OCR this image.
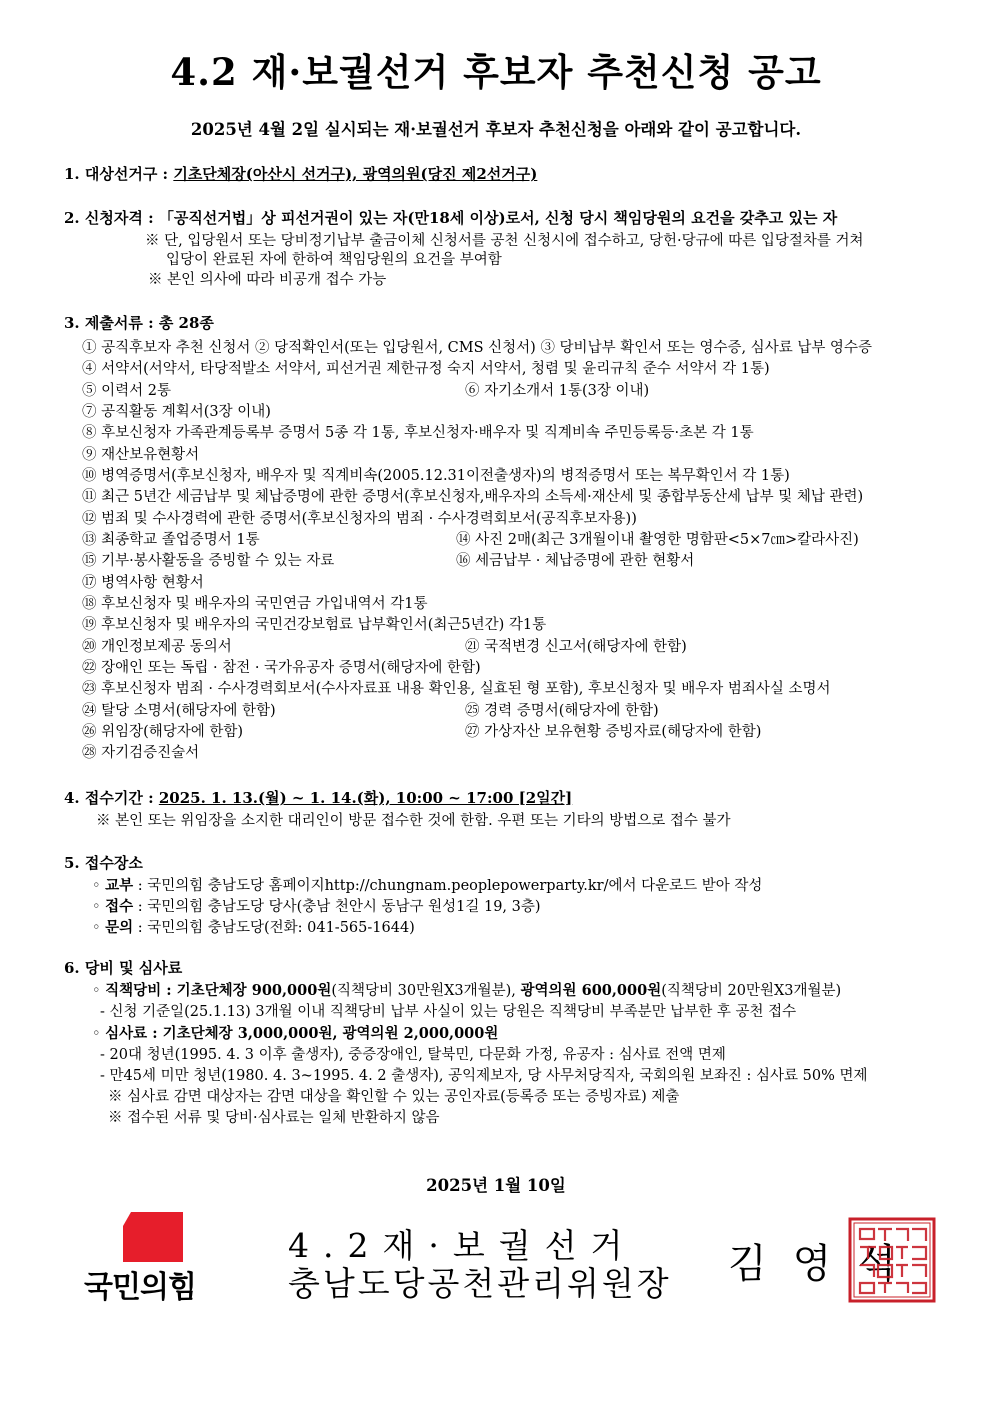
4.2 재·보궐선거 후보자 추천신청 공고
2025년 4월 2일 실시되는 재·보궐선거 후보자 추천신청을 아래와 같이 공고합니다.
1. 대상선거구 : 기초단체장(아산시 선거구), 광역의원(당진 제2선거구)
2. 신청자격 : 「공직선거법」상 피선거권이 있는 자(만18세 이상)로서, 신청 당시 책임당원의 요건을 갖추고 있는 자
※ 단, 입당원서 또는 당비정기납부 출금이체 신청서를 공천 신청시에 접수하고, 당헌·당규에 따른 입당절차를 거쳐
입당이 완료된 자에 한하여 책임당원의 요건을 부여함
※ 본인 의사에 따라 비공개 접수 가능
3. 제출서류 : 총 28종
① 공직후보자 추천 신청서 ② 당적확인서(또는 입당원서, CMS 신청서) ③ 당비납부 확인서 또는 영수증, 심사료 납부 영수증
④ 서약서(서약서, 타당적발소 서약서, 피선거권 제한규정 숙지 서약서, 청렴 및 윤리규칙 준수 서약서 각 1통)
⑤ 이력서 2통	⑥ 자기소개서 1통(3장 이내)
⑦ 공직활동 계획서(3장 이내)
⑧ 후보신청자 가족관계등록부 증명서 5종 각 1통, 후보신청자·배우자 및 직계비속 주민등록등·초본 각 1통
⑨ 재산보유현황서
⑩ 병역증명서(후보신청자, 배우자 및 직계비속(2005.12.31이전출생자)의 병적증명서 또는 복무확인서 각 1통)
⑪ 최근 5년간 세금납부 및 체납증명에 관한 증명서(후보신청자,배우자의 소득세·재산세 및 종합부동산세 납부 및 체납 관련)
⑫ 범죄 및 수사경력에 관한 증명서(후보신청자의 범죄 · 수사경력회보서(공직후보자용))
⑬ 최종학교 졸업증명서 1통	⑭ 사진 2매(최근 3개월이내 촬영한 명함판<5×7㎝>칼라사진)
⑮ 기부·봉사활동을 증빙할 수 있는 자료	⑯ 세금납부 · 체납증명에 관한 현황서
⑰ 병역사항 현황서
⑱ 후보신청자 및 배우자의 국민연금 가입내역서 각1통
⑲ 후보신청자 및 배우자의 국민건강보험료 납부확인서(최근5년간) 각1통
⑳ 개인정보제공 동의서	㉑ 국적변경 신고서(해당자에 한함)
㉒ 장애인 또는 독립 · 참전 · 국가유공자 증명서(해당자에 한함)
㉓ 후보신청자 범죄 · 수사경력회보서(수사자료표 내용 확인용, 실효된 형 포함), 후보신청자 및 배우자 범죄사실 소명서
㉔ 탈당 소명서(해당자에 한함)	㉕ 경력 증명서(해당자에 한함)
㉖ 위임장(해당자에 한함)	㉗ 가상자산 보유현황 증빙자료(해당자에 한함)
㉘ 자기검증진술서
4. 접수기간 : 2025. 1. 13.(월) ~ 1. 14.(화), 10:00 ~ 17:00 [2일간]
※ 본인 또는 위임장을 소지한 대리인이 방문 접수한 것에 한함. 우편 또는 기타의 방법으로 접수 불가
5. 접수장소
◦ 교부 : 국민의힘 충남도당 홈페이지http://chungnam.peoplepowerparty.kr/에서 다운로드 받아 작성
◦ 접수 : 국민의힘 충남도당 당사(충남 천안시 동남구 원성1길 19, 3층)
◦ 문의 : 국민의힘 충남도당(전화: 041-565-1644)
6. 당비 및 심사료
◦ 직책당비 : 기초단체장 900,000원(직책당비 30만원X3개월분), 광역의원 600,000원(직책당비 20만원X3개월분)
- 신청 기준일(25.1.13) 3개월 이내 직책당비 납부 사실이 있는 당원은 직책당비 부족분만 납부한 후 공천 접수
◦ 심사료 : 기초단체장 3,000,000원, 광역의원 2,000,000원
- 20대 청년(1995. 4. 3 이후 출생자), 중증장애인, 탈북민, 다문화 가정, 유공자 : 심사료 전액 면제
- 만45세 미만 청년(1980. 4. 3~1995. 4. 2 출생자), 공익제보자, 당 사무처당직자, 국회의원 보좌진 : 심사료 50% 면제
※ 심사료 감면 대상자는 감면 대상을 확인할 수 있는 공인자료(등록증 또는 증빙자료) 제출
※ 접수된 서류 및 당비·심사료는 일체 반환하지 않음
2025년 1월 10일
국민의힘
4.2재·보궐선거
충남도당공천관리위원장 김영석
